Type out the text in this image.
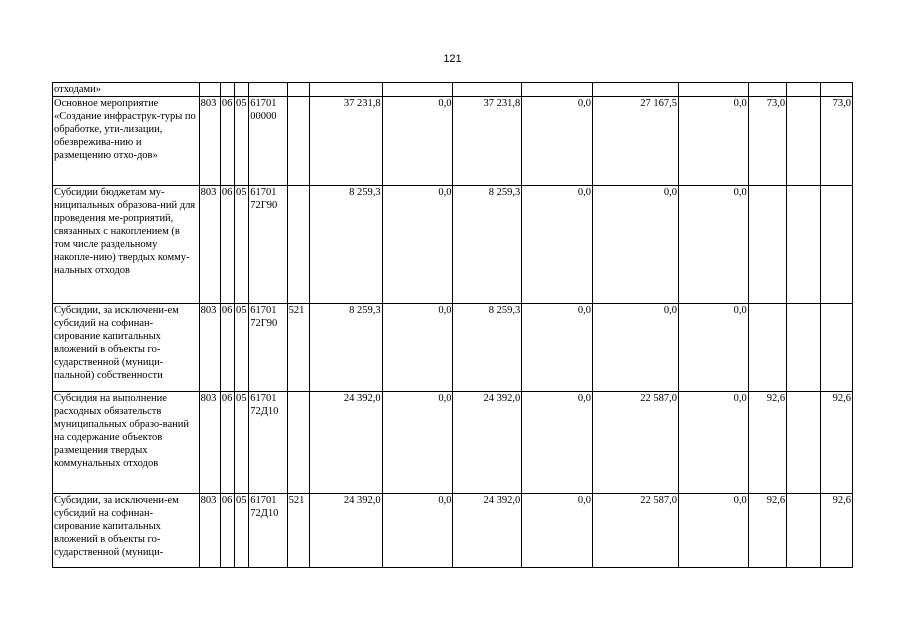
121
отходами»														
Основное мероприятие «Создание инфраструк-туры по обработке, ути-лизации, обезврежива-нию и размещению отхо-дов»	803	06	05	61701 00000		37 231,8	0,0	37 231,8	0,0	27 167,5	0,0	73,0		73,0
Субсидии бюджетам му-ниципальных образова-ний для проведения ме-роприятий, связанных с накоплением (в том числе раздельному накопле-нию) твердых комму-нальных отходов	803	06	05	61701 72Г90		8 259,3	0,0	8 259,3	0,0	0,0	0,0			
Субсидии, за исключени-ем субсидий на софинан-сирование капитальных вложений в объекты го-сударственной (муници-пальной) собственности	803	06	05	61701 72Г90	521	8 259,3	0,0	8 259,3	0,0	0,0	0,0			
Субсидия на выполнение расходных обязательств муниципальных образо-ваний на содержание объектов размещения твердых коммунальных отходов	803	06	05	61701 72Д10		24 392,0	0,0	24 392,0	0,0	22 587,0	0,0	92,6		92,6
Субсидии, за исключени-ем субсидий на софинан-сирование капитальных вложений в объекты го-сударственной (муници-	803	06	05	61701 72Д10	521	24 392,0	0,0	24 392,0	0,0	22 587,0	0,0	92,6		92,6
